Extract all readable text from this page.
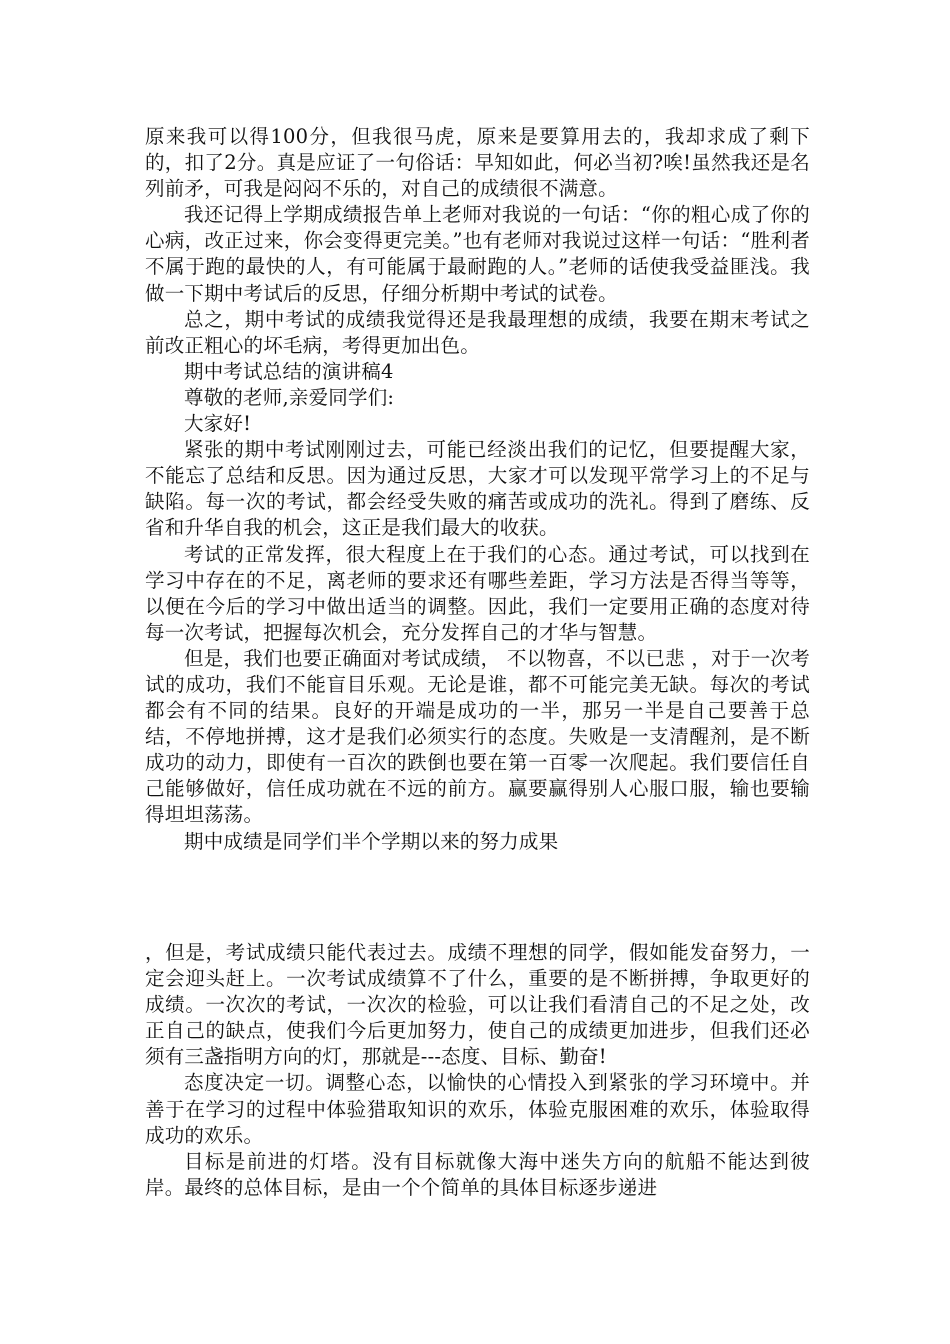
原来我可以得100分，但我很马虎，原来是要算用去的，我却求成了剩下的，扣了2分。真是应证了一句俗话：早知如此，何必当初?唉!虽然我还是名列前矛，可我是闷闷不乐的，对自己的成绩很不满意。

我还记得上学期成绩报告单上老师对我说的一句话：“你的粗心成了你的心病，改正过来，你会变得更完美。”也有老师对我说过这样一句话：“胜利者不属于跑的最快的人，有可能属于最耐跑的人。”老师的话使我受益匪浅。我做一下期中考试后的反思，仔细分析期中考试的试卷。

总之，期中考试的成绩我觉得还是我最理想的成绩，我要在期末考试之前改正粗心的坏毛病，考得更加出色。

期中考试总结的演讲稿4

尊敬的老师,亲爱同学们:

大家好!

紧张的期中考试刚刚过去，可能已经淡出我们的记忆，但要提醒大家，不能忘了总结和反思。因为通过反思，大家才可以发现平常学习上的不足与缺陷。每一次的考试，都会经受失败的痛苦或成功的洗礼。得到了磨练、反省和升华自我的机会，这正是我们最大的收获。

考试的正常发挥，很大程度上在于我们的心态。通过考试，可以找到在学习中存在的不足，离老师的要求还有哪些差距，学习方法是否得当等等，以便在今后的学习中做出适当的调整。因此，我们一定要用正确的态度对待每一次考试，把握每次机会，充分发挥自己的才华与智慧。

但是，我们也要正确面对考试成绩， 不以物喜，不以已悲 ，对于一次考试的成功，我们不能盲目乐观。无论是谁，都不可能完美无缺。每次的考试都会有不同的结果。良好的开端是成功的一半，那另一半是自己要善于总结，不停地拼搏，这才是我们必须实行的态度。失败是一支清醒剂，是不断成功的动力，即使有一百次的跌倒也要在第一百零一次爬起。我们要信任自己能够做好，信任成功就在不远的前方。赢要赢得别人心服口服，输也要输得坦坦荡荡。

期中成绩是同学们半个学期以来的努力成果

，但是，考试成绩只能代表过去。成绩不理想的同学，假如能发奋努力，一定会迎头赶上。一次考试成绩算不了什么，重要的是不断拼搏，争取更好的成绩。一次次的考试，一次次的检验，可以让我们看清自己的不足之处，改正自己的缺点，使我们今后更加努力，使自己的成绩更加进步，但我们还必须有三盏指明方向的灯，那就是---态度、目标、勤奋!

态度决定一切。调整心态，以愉快的心情投入到紧张的学习环境中。并善于在学习的过程中体验猎取知识的欢乐，体验克服困难的欢乐，体验取得成功的欢乐。

目标是前进的灯塔。没有目标就像大海中迷失方向的航船不能达到彼岸。最终的总体目标，是由一个个简单的具体目标逐步递进
